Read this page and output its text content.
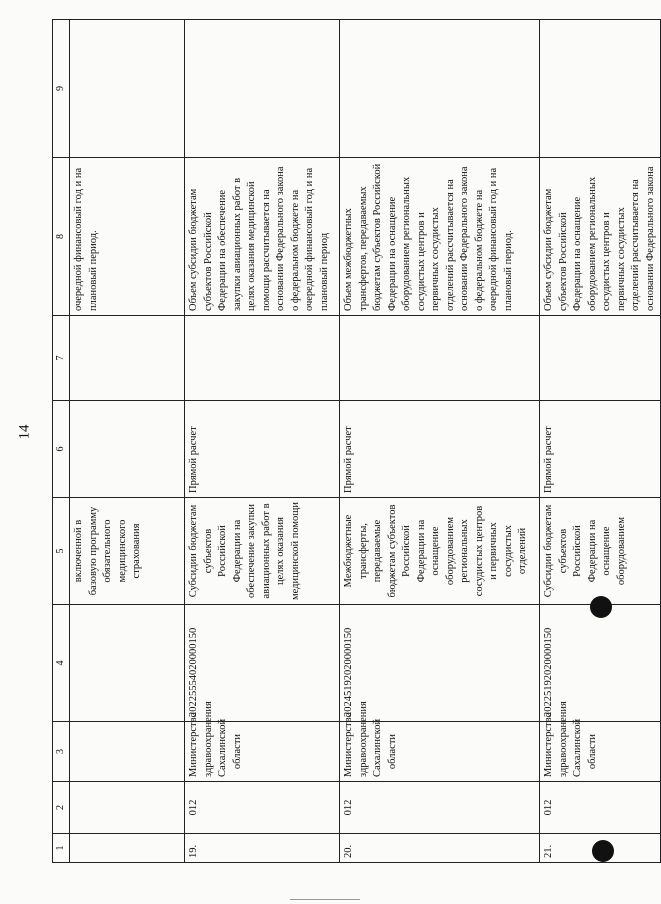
14
1	2	3	4	5	6	7	8	9
				включенной в базовую программу обязательного медицинского страхования			очередной финансовый год и на плановый период.	
19.	012	Министерство здравоохранения Сахалинской области	20225554020000150	Субсидии бюджетам субъектов Российской Федерации на обеспечение закупки авиационных работ в целях оказания медицинской помощи	Прямой расчет		Объем субсидии бюджетам субъектов Российской Федерации на обеспечение закупки авиационных работ в целях оказания медицинской помощи рассчитывается на основании Федерального закона о федеральном бюджете на очередной финансовый год и на плановый период	
20.	012	Министерство здравоохранения Сахалинской области	20245192020000150	Межбюджетные трансферты, передаваемые бюджетам субъектов Российской Федерации на оснащение оборудованием региональных сосудистых центров и первичных сосудистых отделений	Прямой расчет		Объем межбюджетных трансфертов, передаваемых бюджетам субъектов Российской Федерации на оснащение оборудованием региональных сосудистых центров и первичных сосудистых отделений рассчитывается на основании Федерального закона о федеральном бюджете на очередной финансовый год и на плановый период.	
21.	012	Министерство здравоохранения Сахалинской области	20225192020000150	Субсидии бюджетам субъектов Российской Федерации на оснащение оборудованием	Прямой расчет		Объем субсидии бюджетам субъектов Российской Федерации на оснащение оборудованием региональных сосудистых центров и первичных сосудистых отделений рассчитывается на основании Федерального закона	
